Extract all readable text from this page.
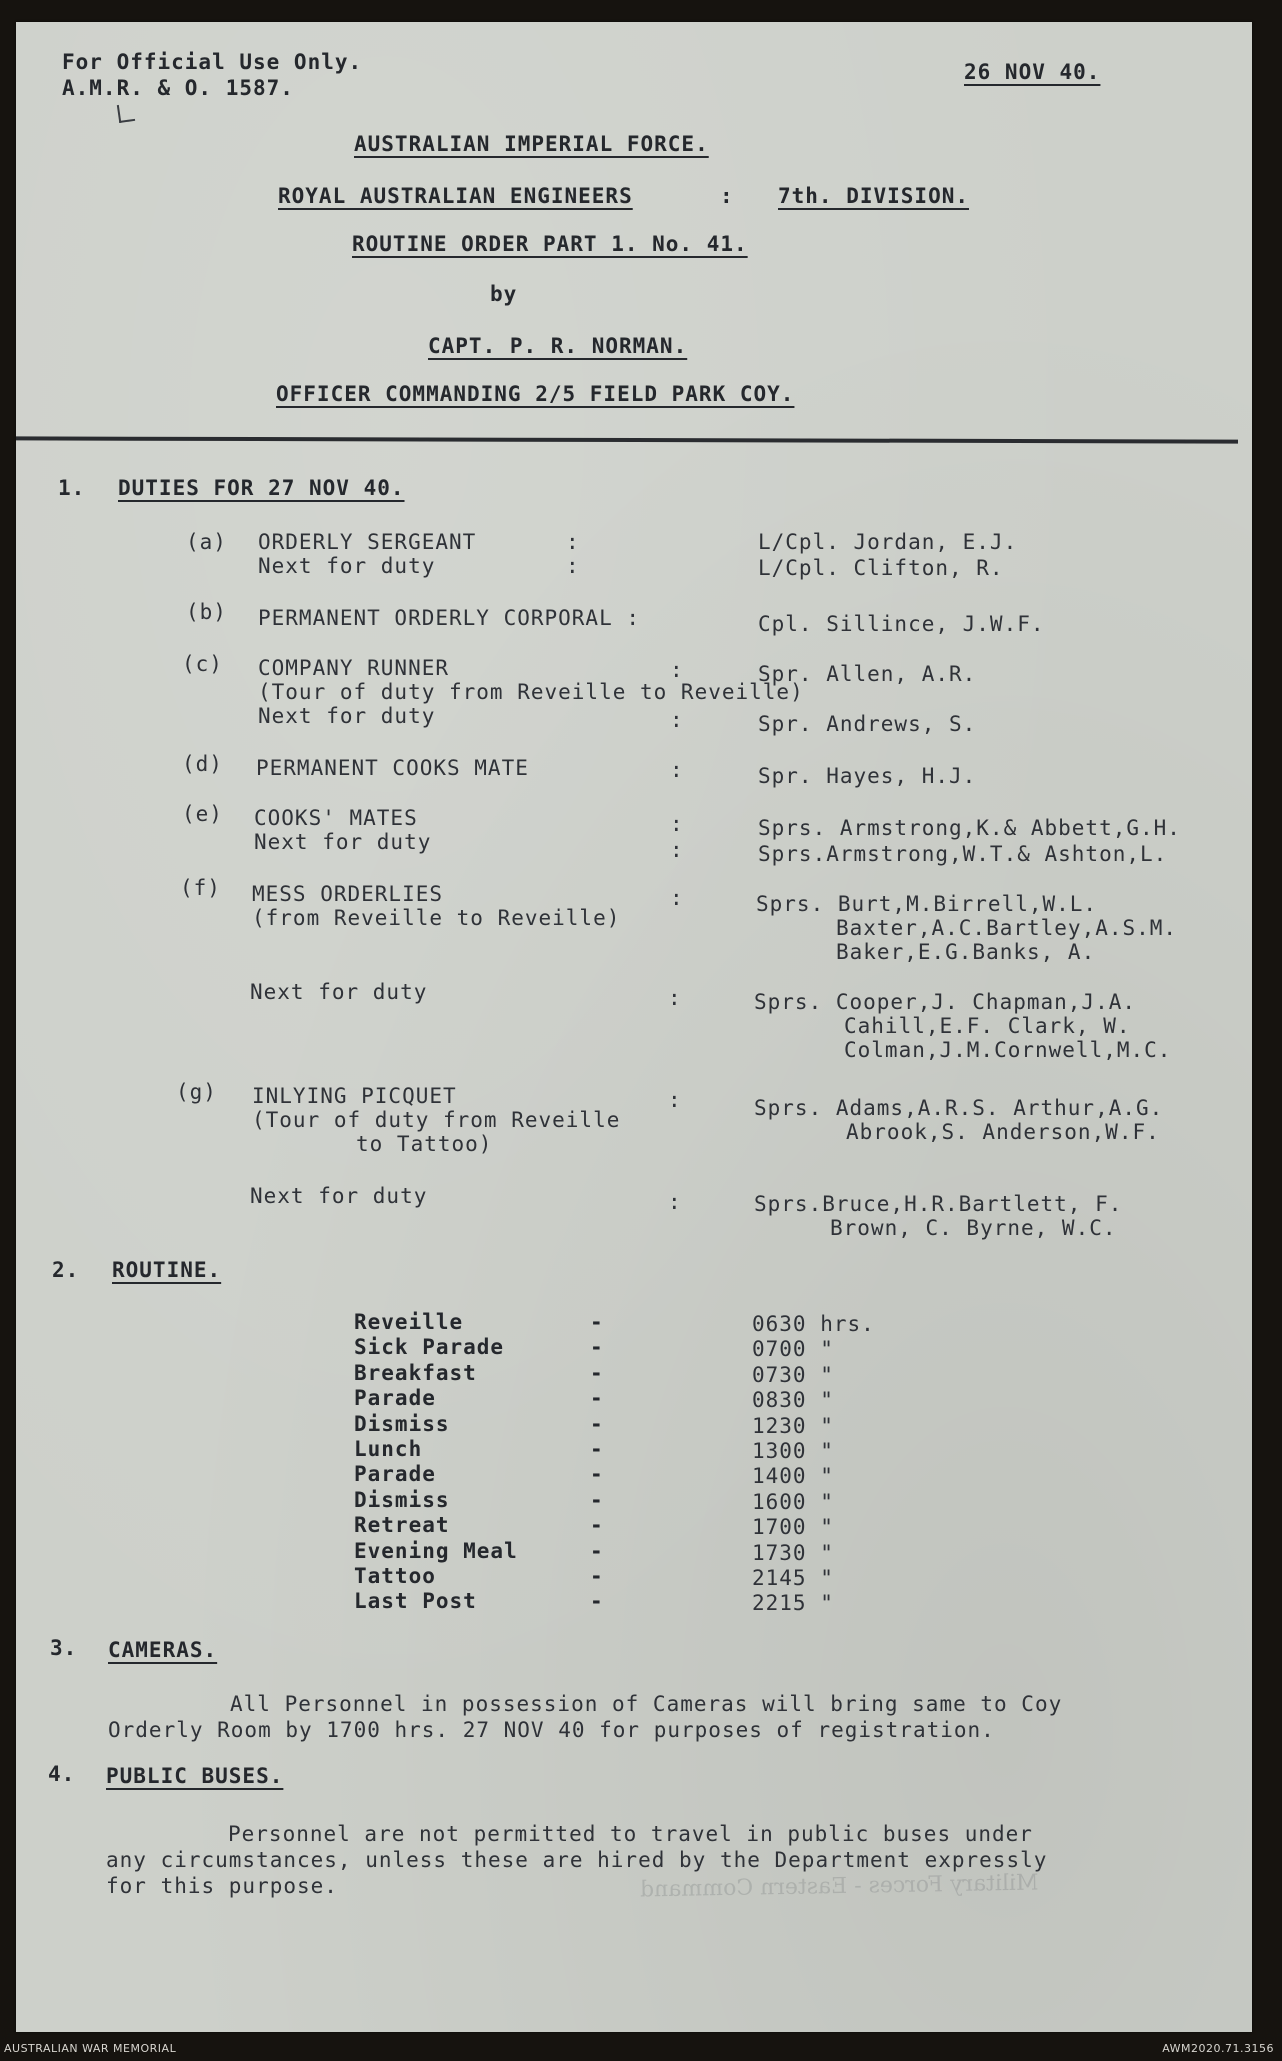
For Official Use Only.
A.M.R. & O. 1587.
26 NOV 40.
AUSTRALIAN IMPERIAL FORCE.
ROYAL AUSTRALIAN ENGINEERS	: 7th. DIVISION.
ROUTINE ORDER PART 1. No. 41.
by
CAPT. P. R. NORMAN.
OFFICER COMMANDING 2/5 FIELD PARK COY.
1. DUTIES FOR 27 NOV 40.
(a) ORDERLY SERGEANT	:	L/Cpl. Jordan, E.J.
Next for duty	:	L/Cpl. Clifton, R.
(b) PERMANENT ORDERLY CORPORAL :	Cpl. Sillince, J.W.F.
(c) COMPANY RUNNER	:	Spr. Allen, A.R.
(Tour of duty from Reveille to Reveille)
Next for duty	:	Spr. Andrews, S.
(d) PERMANENT COOKS MATE	:	Spr. Hayes, H.J.
(e) COOKS' MATES	:	Sprs. Armstrong,K.& Abbett,G.H.
Next for duty	:	Sprs.Armstrong,W.T.& Ashton,L.
(f) MESS ORDERLIES	:	Sprs. Burt,M.Birrell,W.L.
(from Reveille to Reveille)	Baxter,A.C.Bartley,A.S.M.
Baker,E.G.Banks, A.
Next for duty	:	Sprs. Cooper,J. Chapman,J.A.
Cahill,E.F. Clark, W.
Colman,J.M.Cornwell,M.C.
(g) INLYING PICQUET	:	Sprs. Adams,A.R.S. Arthur,A.G.
(Tour of duty from Reveille
to Tattoo)	Abrook,S. Anderson,W.F.
Next for duty	:	Sprs.Bruce,H.R.Bartlett, F.
Brown, C. Byrne, W.C.
2. ROUTINE.
Reveille	-	0630 hrs.
Sick Parade	-	0700 "
Breakfast	-	0730 "
Parade	-	0830 "
Dismiss	-	1230 "
Lunch	-	1300 "
Parade	-	1400 "
Dismiss	-	1600 "
Retreat	-	1700 "
Evening Meal	-	1730 "
Tattoo	-	2145 "
Last Post	-	2215 "
3. CAMERAS.
All Personnel in possession of Cameras will bring same to Coy
Orderly Room by 1700 hrs. 27 NOV 40 for purposes of registration.
4. PUBLIC BUSES.
Personnel are not permitted to travel in public buses under
any circumstances, unless these are hired by the Department expressly
for this purpose.	Military Forces - Eastern Command
AUSTRALIAN WAR MEMORIAL	AWM2020.71.3156
